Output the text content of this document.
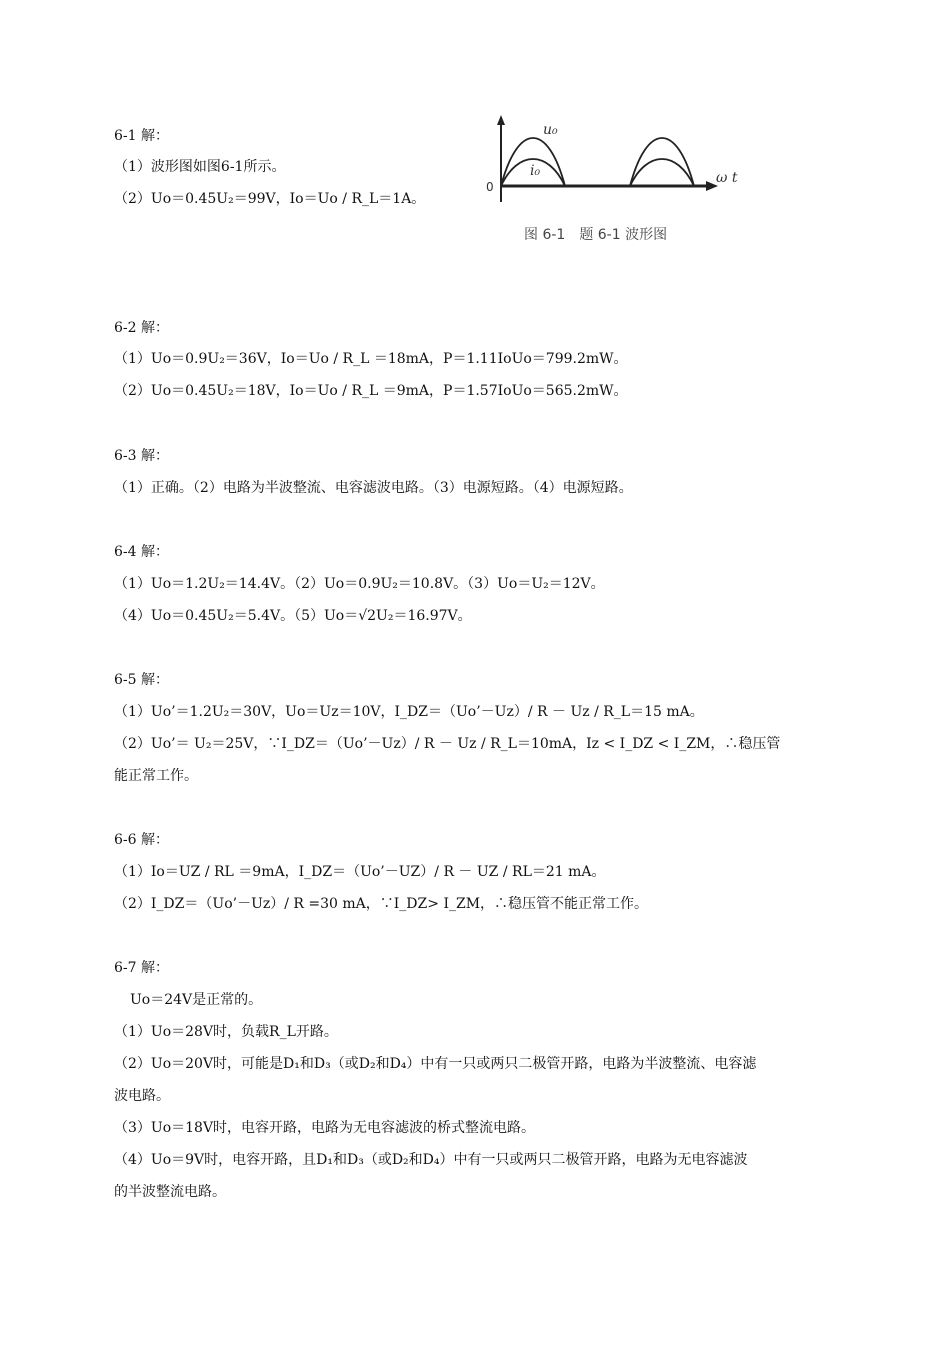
6-1 解：
（1）波形图如图6-1所示。
（2）Uo＝0.45U₂＝99V，Io＝Uo / R_L＝1A。
u₀
i₀
0
ω t
图 6-1　题 6-1 波形图
6-2 解：
（1）Uo＝0.9U₂＝36V，Io＝Uo / R_L ＝18mA，P＝1.11IoUo＝799.2mW。
（2）Uo＝0.45U₂＝18V，Io＝Uo / R_L ＝9mA，P＝1.57IoUo＝565.2mW。
6-3 解：
（1）正确。（2）电路为半波整流、电容滤波电路。（3）电源短路。（4）电源短路。
6-4 解：
（1）Uo＝1.2U₂＝14.4V。（2）Uo＝0.9U₂＝10.8V。（3）Uo＝U₂＝12V。
（4）Uo＝0.45U₂＝5.4V。（5）Uo＝√2U₂＝16.97V。
6-5 解：
（1）Uo’＝1.2U₂＝30V，Uo＝Uz＝10V，I_DZ＝（Uo’－Uz）/ R － Uz / R_L＝15 mA。
（2）Uo’＝ U₂＝25V，∵I_DZ＝（Uo’－Uz）/ R － Uz / R_L＝10mA，Iz < I_DZ < I_ZM，∴稳压管
能正常工作。
6-6 解：
（1）Io＝UZ / RL ＝9mA，I_DZ＝（Uo’－UZ）/ R － UZ / RL＝21 mA。
（2）I_DZ＝（Uo’－Uz）/ R =30 mA，∵I_DZ> I_ZM，∴稳压管不能正常工作。
6-7 解：
Uo＝24V是正常的。
（1）Uo＝28V时，负载R_L开路。
（2）Uo＝20V时，可能是D₁和D₃（或D₂和D₄）中有一只或两只二极管开路，电路为半波整流、电容滤
波电路。
（3）Uo＝18V时，电容开路，电路为无电容滤波的桥式整流电路。
（4）Uo＝9V时，电容开路，且D₁和D₃（或D₂和D₄）中有一只或两只二极管开路，电路为无电容滤波
的半波整流电路。
